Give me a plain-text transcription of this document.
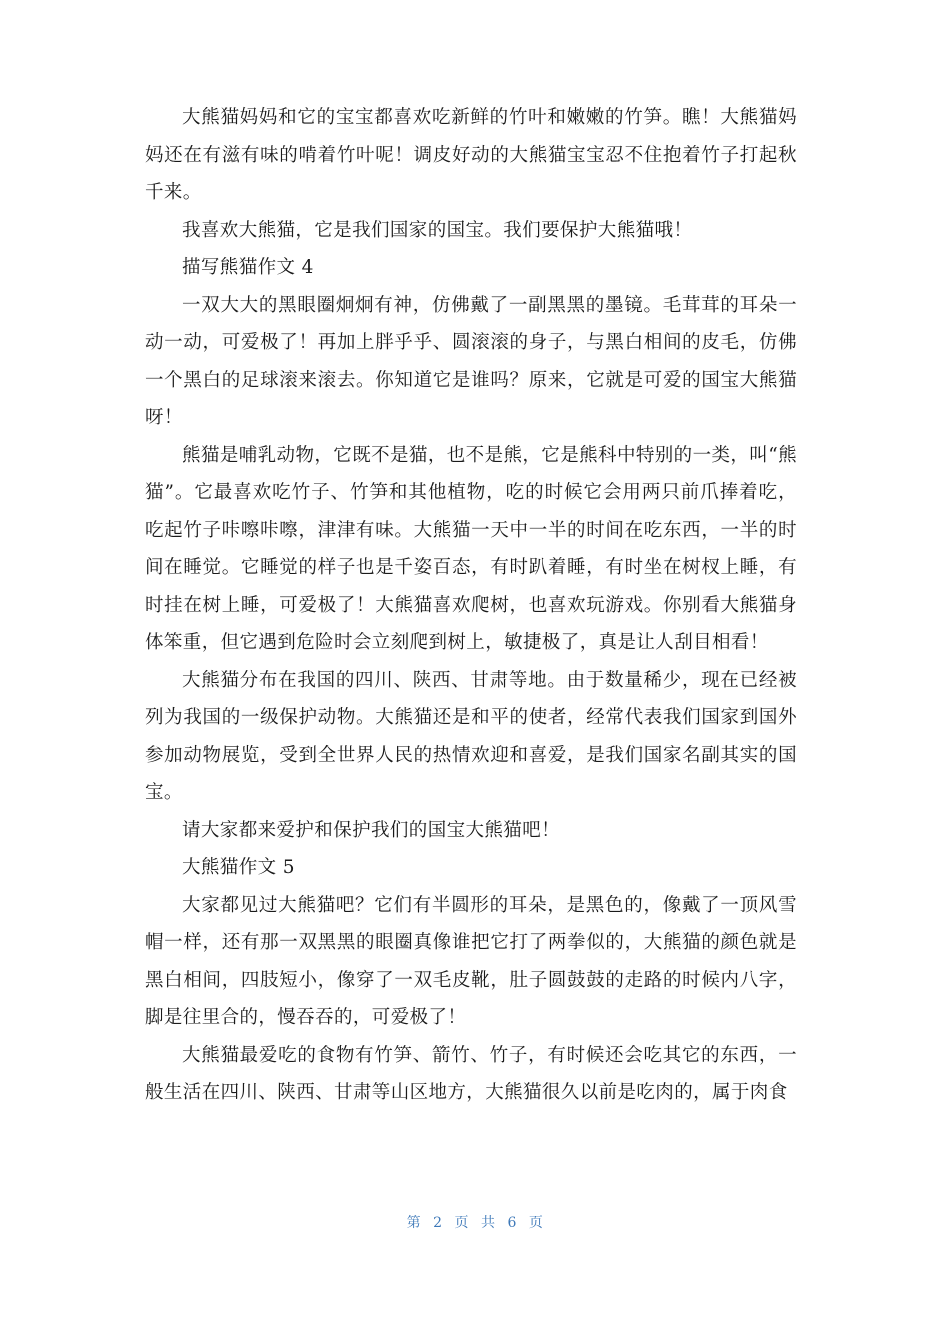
大熊猫妈妈和它的宝宝都喜欢吃新鲜的竹叶和嫩嫩的竹笋。瞧！大熊猫妈妈还在有滋有味的啃着竹叶呢！调皮好动的大熊猫宝宝忍不住抱着竹子打起秋千来。

我喜欢大熊猫，它是我们国家的国宝。我们要保护大熊猫哦！

描写熊猫作文 4

一双大大的黑眼圈炯炯有神，仿佛戴了一副黑黑的墨镜。毛茸茸的耳朵一动一动，可爱极了！再加上胖乎乎、圆滚滚的身子，与黑白相间的皮毛，仿佛一个黑白的足球滚来滚去。你知道它是谁吗？原来，它就是可爱的国宝大熊猫呀！

熊猫是哺乳动物，它既不是猫，也不是熊，它是熊科中特别的一类，叫“熊猫”。它最喜欢吃竹子、竹笋和其他植物，吃的时候它会用两只前爪捧着吃，吃起竹子咔嚓咔嚓，津津有味。大熊猫一天中一半的时间在吃东西，一半的时间在睡觉。它睡觉的样子也是千姿百态，有时趴着睡，有时坐在树杈上睡，有时挂在树上睡，可爱极了！大熊猫喜欢爬树，也喜欢玩游戏。你别看大熊猫身体笨重，但它遇到危险时会立刻爬到树上，敏捷极了，真是让人刮目相看！

大熊猫分布在我国的四川、陕西、甘肃等地。由于数量稀少，现在已经被列为我国的一级保护动物。大熊猫还是和平的使者，经常代表我们国家到国外参加动物展览，受到全世界人民的热情欢迎和喜爱，是我们国家名副其实的国宝。

请大家都来爱护和保护我们的国宝大熊猫吧！

大熊猫作文 5

大家都见过大熊猫吧？它们有半圆形的耳朵，是黑色的，像戴了一顶风雪帽一样，还有那一双黑黑的眼圈真像谁把它打了两拳似的，大熊猫的颜色就是黑白相间，四肢短小，像穿了一双毛皮靴，肚子圆鼓鼓的走路的时候内八字，脚是往里合的，慢吞吞的，可爱极了！

大熊猫最爱吃的食物有竹笋、箭竹、竹子，有时候还会吃其它的东西，一般生活在四川、陕西、甘肃等山区地方，大熊猫很久以前是吃肉的，属于肉食

第 2 页 共 6 页
